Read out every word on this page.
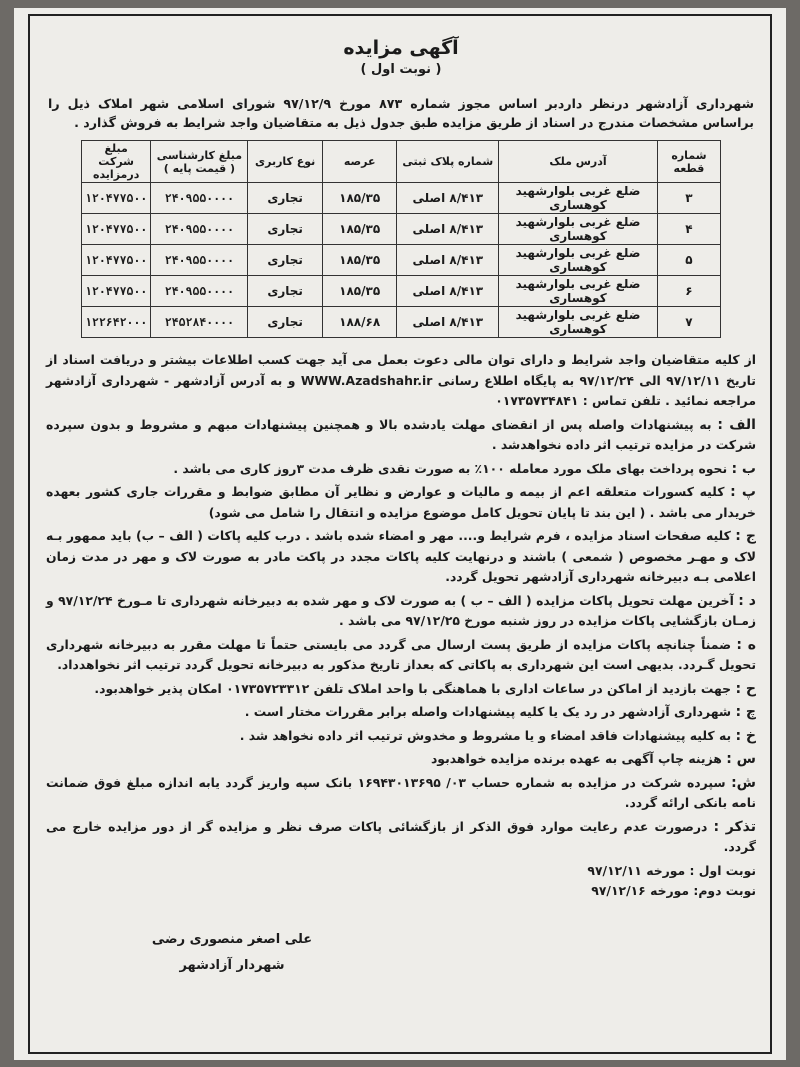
آگهی مزایده
( نوبت اول )
شهرداری آزادشهر درنظر داردبر اساس مجوز شماره ۸۷۳ مورخ ۹۷/۱۲/۹ شورای اسلامی شهر املاک ذیل را براساس مشخصات مندرج در اسناد از طریق مزایده طبق جدول ذیل به متقاضیان واجد شرایط به فروش گذارد .
شماره قطعه	آدرس ملک	شماره پلاک ثبتی	عرصه	نوع کاربری	مبلغ کارشناسی ( قیمت پایه )	مبلغ شرکت درمزایده
۳	ضلع غربی بلوارشهید کوهساری	۸/۴۱۳ اصلی	۱۸۵/۳۵	تجاری	۲۴۰۹۵۵۰۰۰۰	۱۲۰۴۷۷۵۰۰
۴	ضلع غربی بلوارشهید کوهساری	۸/۴۱۳ اصلی	۱۸۵/۳۵	تجاری	۲۴۰۹۵۵۰۰۰۰	۱۲۰۴۷۷۵۰۰
۵	ضلع غربی بلوارشهید کوهساری	۸/۴۱۳ اصلی	۱۸۵/۳۵	تجاری	۲۴۰۹۵۵۰۰۰۰	۱۲۰۴۷۷۵۰۰
۶	ضلع غربی بلوارشهید کوهساری	۸/۴۱۳ اصلی	۱۸۵/۳۵	تجاری	۲۴۰۹۵۵۰۰۰۰	۱۲۰۴۷۷۵۰۰
۷	ضلع غربی بلوارشهید کوهساری	۸/۴۱۳ اصلی	۱۸۸/۶۸	تجاری	۲۴۵۲۸۴۰۰۰۰	۱۲۲۶۴۲۰۰۰
از کلیه متقاضیان واجد شرایط و دارای توان مالی دعوت بعمل می آید جهت کسب اطلاعات بیشتر و دریافت اسناد از تاریخ ۹۷/۱۲/۱۱ الی ۹۷/۱۲/۲۴ به پایگاه اطلاع رسانی WWW.Azadshahr.ir و به آدرس آزادشهر - شهرداری آزادشهر مراجعه نمائید . تلفن تماس : ۰۱۷۳۵۷۳۴۸۴۱
الف : به پیشنهادات واصله پس از انقضای مهلت یادشده بالا و همچنین پیشنهادات مبهم و مشروط و بدون سپرده شرکت در مزایده ترتیب اثر داده نخواهدشد .
ب : نحوه پرداخت بهای ملک مورد معامله ۱۰۰٪ به صورت نقدی ظرف مدت ۳روز کاری می باشد .
پ : کلیه کسورات متعلقه اعم از بیمه و مالیات و عوارض و نظایر آن مطابق ضوابط و مقررات جاری کشور بعهده خریدار می باشد . ( این بند تا پایان تحویل کامل موضوع مزایده و انتقال را شامل می شود)
ج : کلیه صفحات اسناد مزایده ، فرم شرایط و.... مهر و امضاء شده باشد . درب کلیه پاکات ( الف – ب) باید ممهور بـه لاک و مهـر مخصوص ( شمعی ) باشند و درنهایت کلیه پاکات مجدد در پاکت مادر به صورت لاک و مهر در مدت زمان اعلامی بـه دبیرخانه شهرداری آزادشهر تحویل گردد.
د : آخرین مهلت تحویل پاکات مزایده ( الف – ب ) به صورت لاک و مهر شده به دبیرخانه شهرداری تا مـورخ ۹۷/۱۲/۲۴ و زمـان بازگشایی پاکات مزایده در روز شنبه مورخ ۹۷/۱۲/۲۵ می باشد .
ه : ضمناً چنانچه پاکات مزایده از طریق پست ارسال می گردد می بایستی حتماً تا مهلت مقرر به دبیرخانه شهرداری تحویل گـردد. بدیهی است این شهرداری به پاکاتی که بعداز تاریخ مذکور به دبیرخانه تحویل گردد ترتیب اثر نخواهدداد.
ح : جهت بازدید از اماکن در ساعات اداری با هماهنگی با واحد املاک تلفن ۰۱۷۳۵۷۲۳۳۱۲ امکان پذیر خواهدبود.
چ : شهرداری آزادشهر در رد یک یا کلیه پیشنهادات واصله برابر مقررات مختار است .
خ : به کلیه پیشنهادات فاقد امضاء و یا مشروط و مخدوش ترتیب اثر داده نخواهد شد .
س : هزینه چاپ آگهی به عهده برنده مزایده خواهدبود
ش: سپرده شرکت در مزایده به شماره حساب ۰۳/ ۱۶۹۴۳۰۱۳۶۹۵ بانک سپه واریز گردد یابه اندازه مبلغ فوق ضمانت نامه بانکی ارائه گردد.
تذکر : درصورت عدم رعایت موارد فوق الذکر از بازگشائی پاکات صرف نظر و مزایده گر از دور مزایده خارج می گردد.
نوبت اول : مورخه ۹۷/۱۲/۱۱
نوبت دوم: مورخه ۹۷/۱۲/۱۶
علی اصغر منصوری رضی
شهردار آزادشهر
